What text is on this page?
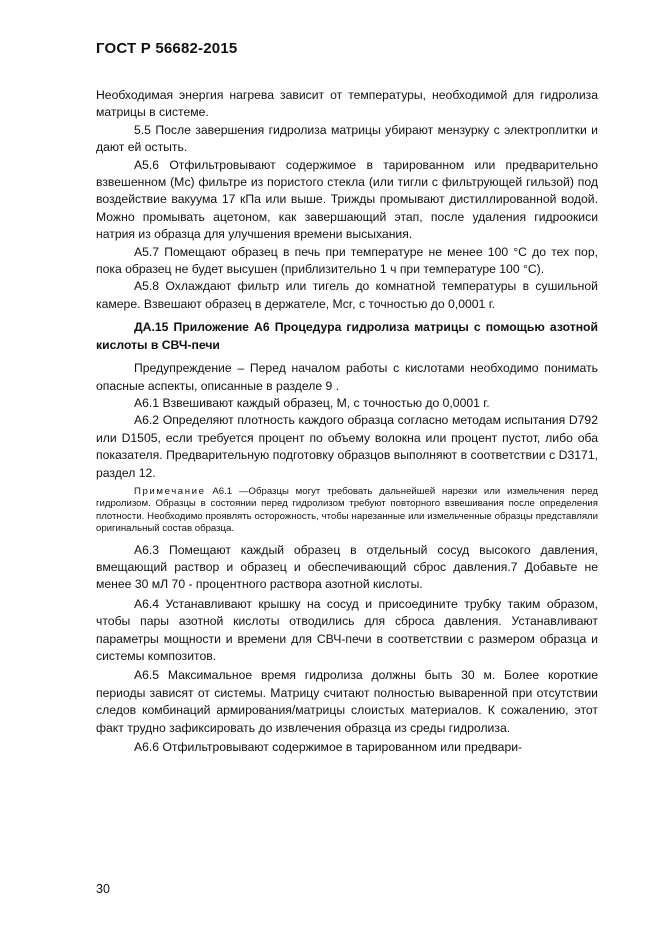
ГОСТ Р 56682-2015

Необходимая энергия нагрева зависит от температуры, необходимой для гидролиза матрицы в системе.

5.5 После завершения гидролиза матрицы убирают мензурку с электроплитки и дают ей остыть.

А5.6 Отфильтровывают содержимое в тарированном или предварительно взвешенном (Мс) фильтре из пористого стекла (или тигли с фильтрующей гильзой) под воздействие вакуума 17 кПа или выше. Трижды промывают дистиллированной водой. Можно промывать ацетоном, как завершающий этап, после удаления гидроокиси натрия из образца для улучшения времени высыхания.

А5.7 Помещают образец в печь при температуре не менее 100 °С до тех пор, пока образец не будет высушен (приблизительно 1 ч при температуре 100 °С).

А5.8 Охлаждают фильтр или тигель до комнатной температуры в сушильной камере. Взвешают образец в держателе, Мcr, с точностью до 0,0001 г.

ДА.15 Приложение А6 Процедура гидролиза матрицы с помощью азотной кислоты в СВЧ-печи

Предупреждение – Перед началом работы с кислотами необходимо понимать опасные аспекты, описанные в разделе 9 .

А6.1 Взвешивают каждый образец, М, с точностью до 0,0001 г.

А6.2 Определяют плотность каждого образца согласно методам испытания D792 или D1505, если требуется процент по объему волокна или процент пустот, либо оба показателя. Предварительную подготовку образцов выполняют в соответствии с D3171, раздел 12.

Примечание А6.1 —Образцы могут требовать дальнейшей нарезки или измельчения перед гидролизом. Образцы в состоянии перед гидролизом требуют повторного взвешивания после определения плотности. Необходимо проявлять осторожность, чтобы нарезанные или измельченные образцы представляли оригинальный состав образца.

А6.3 Помещают каждый образец в отдельный сосуд высокого давления, вмещающий раствор и образец и обеспечивающий сброс давления.7 Добавьте не менее 30 мЛ 70 - процентного раствора азотной кислоты.

А6.4 Устанавливают крышку на сосуд и присоедините трубку таким образом, чтобы пары азотной кислоты отводились для сброса давления. Устанавливают параметры мощности и времени для СВЧ-печи в соответствии с размером образца и системы композитов.

А6.5 Максимальное время гидролиза должны быть 30 м. Более короткие периоды зависят от системы. Матрицу считают полностью вываренной при отсутствии следов комбинаций армирования/матрицы слоистых материалов. К сожалению, этот факт трудно зафиксировать до извлечения образца из среды гидролиза.

А6.6 Отфильтровывают содержимое в тарированном или предвари-

30
